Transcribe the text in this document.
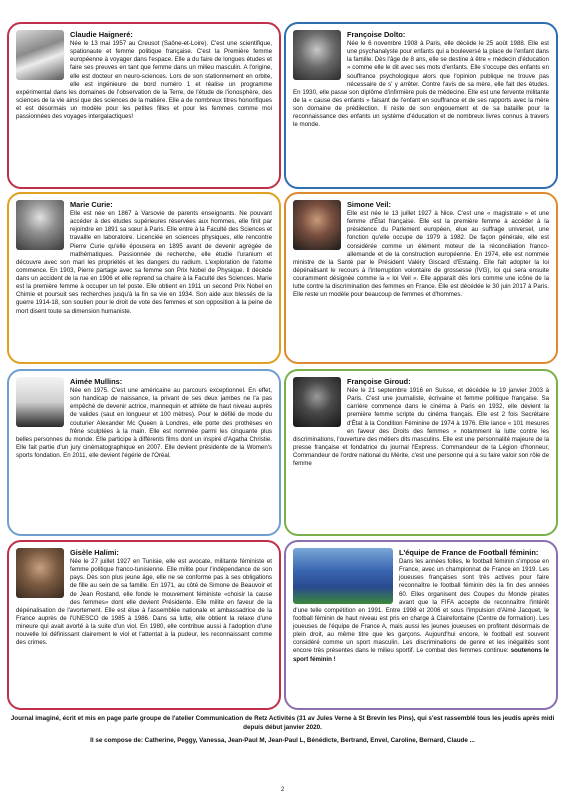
Claudie Haigneré:

Née le 13 mai 1957 au Creusot (Saône-et-Loire). C'est une scientifique, spationaute et femme politique française. C'est la Première femme européenne à voyager dans l'espace. Elle a du faire de longues études et faire ses preuves en tant que femme dans un milieu masculin. A l'origine, elle est docteur en neuro-sciences. Lors de son stationnement en orbite, elle est ingénieure de bord numéro 1 et réalise un programme expérimental dans les domaines de l'observation de la Terre, de l'étude de l'ionosphère, des sciences de la vie ainsi que des sciences de la matière. Elle a de nombreux titres honorifiques et est désormais un modèle pour les petites filles et pour les femmes comme moi passionnées des voyages intergalactiques!

Françoise Dolto:

Née le 6 novembre 1908 à Paris, elle décède le 25 août 1988. Elle est une psychanalyste pour enfants qui a bouleversé la place de l'enfant dans la famille. Dès l'âge de 8 ans, elle se destine à être « médecin d'éducation » comme elle le dit avec ses mots d'enfants. Elle s'occupe des enfants en souffrance psychologique alors que l'opinion publique ne trouve pas nécessaire de s' y arrêter. Contre l'avis de sa mère, elle fait des études. En 1930, elle passe son diplôme d'infirmière puis de médecine. Elle est une fervente militante de la « cause des enfants » faisant de l'enfant en souffrance et de ses rapports avec la mère son domaine de prédilection. Il reste de son engouement et de sa bataille pour la reconnaissance des enfants un système d'éducation et de nombreux livres connus à travers le monde.

Marie Curie:

Elle est née en 1867 à Varsovie de parents enseignants. Ne pouvant accéder à des études supérieures réservées aux hommes, elle finit par rejoindre en 1891 sa sœur à Paris. Elle entre à la Faculté des Sciences et travaille en laboratoire. Licenciée en sciences physiques, elle rencontre Pierre Curie qu'elle épousera en 1895 avant de devenir agrégée de mathématiques. Passionnée de recherche, elle étudie l'uranium et découvre avec son mari les propriétés et les dangers du radium. L'exploration de l'atome commence. En 1903, Pierre partage avec sa femme son Prix Nobel de Physique. Il décède dans un accident de la rue en 1906 et elle reprend sa chaire à la Faculté des Sciences. Marie est la première femme à occuper un tel poste. Elle obtient en 1911 un second Prix Nobel en Chimie et poursuit ses recherches jusqu'à la fin sa vie en 1934. Son aide aux blessés de la guerre 1914-18, son soutien pour le droit de vote des femmes et son opposition à la peine de mort disent toute sa dimension humaniste.

Simone Veil:

Elle est née le 13 juillet 1927 à Nice. C'est une « magistrate » et une femme d'État française. Elle est la première femme à accéder à la présidence du Parlement européen, élue au suffrage universel, une fonction qu'elle occupe de 1979 à 1982. De façon générale, elle est considérée comme un élément moteur de la réconciliation franco-allemande et de la construction européenne. En 1974, elle est nommée ministre de la Santé par le Président Valéry Giscard d'Estaing. Elle fait adopter la loi dépénalisant le recours à l'interruption volontaire de grossesse (IVG), loi qui sera ensuite couramment désignée comme la « loi Veil ». Elle apparaît dès lors comme une icône de la lutte contre la discrimination des femmes en France. Elle est décédée le 30 juin 2017 à Paris. Elle reste un modèle pour beaucoup de femmes et d'hommes.

Aimée Mullins:

Née en 1975. C'est une américaine au parcours exceptionnel. En effet, son handicap de naissance, la privant de ses deux jambes ne l'a pas empêché de devenir actrice, mannequin et athlète de haut niveau auprès de valides (saut en longueur et 100 mètres). Pour le défilé de mode du couturier Alexander Mc Queen à Londres, elle porte des prothèses en frêne sculptées à la main. Elle est nommée parmi les cinquante plus belles personnes du monde. Elle participe à différents films dont un inspiré d'Agatha Christie. Elle fait partie d'un jury cinématographique en 2007. Elle devient présidente de la Women's sports fondation. En 2011, elle devient l'égérie de l'Oréal.

Françoise Giroud:

Née le 21 septembre 1916 en Suisse, et décédée le 19 janvier 2003 à Paris. C'est une journaliste, écrivaine et femme politique française. Sa carrière commence dans le cinéma à Paris en 1932, elle devient la première femme scripte du cinéma français. Elle est 2 fois Secrétaire d'État à la Condition Féminine de 1974 à 1976. Elle lance « 101 mesures en faveur des Droits des femmes » notamment la lutte contre les discriminations, l'ouverture des métiers dits masculins. Elle est une personnalité majeure de la presse française et fondatrice du journal l'Express. Commandeur de la Légion d'honneur, Commandeur de l'ordre national du Mérite, c'est une personne qui a su faire valoir son rôle de femme

Gisèle Halimi:

Née le 27 juillet 1927 en Tunisie, elle est avocate, militante féministe et femme politique franco-tunisienne. Elle milite pour l'indépendance de son pays. Dès son plus jeune âge, elle ne se conforme pas à ses obligations de fille au sein de sa famille. En 1971, au côté de Simone de Beauvoir et de Jean Rostand, elle fonde le mouvement féministe «choisir la cause des femmes» dont elle devient Présidente. Elle milite en faveur de la dépénalisation de l'avortement. Elle est élue à l'assemblée nationale et ambassadrice de la France auprès de l'UNESCO de 1985 à 1986. Dans sa lutte, elle obtient la relaxe d'une mineure qui avait avorté à la suite d'un viol. En 1980, elle contribue aussi à l'adoption d'une nouvelle loi définissant clairement le viol et l'attentat à la pudeur, les reconnaissant comme des crimes.

L'équipe de France de Football féminin:

Dans les années folles, le football féminin s'impose en France, avec un championnat de France en 1919. Les joueuses françaises sont très actives pour faire reconnaître le football féminin dès la fin des années 60. Elles organisent des Coupes du Monde pirates avant que la FIFA accepte de reconnaître l'intérêt d'une telle compétition en 1991. Entre 1998 et 2006 et sous l'impulsion d'Aimé Jacquet, le football féminin de haut niveau est pris en charge à Clairefontaine (Centre de formation). Les joueuses de l'équipe de France A, mais aussi les jeunes joueuses en profitent désormais de plein droit, au même titre que les garçons. Aujourd'hui encore, le football est souvent considéré comme un sport masculin. Les discriminations de genre et les inégalités sont encore très présentes dans le milieu sportif. Le combat des femmes continue: soutenons le sport féminin !

Journal imaginé, écrit et mis en page parle groupe de l'atelier Communication de Retz Activités (31 av Jules Verne à St Brevin les Pins), qui s'est rassemblé tous les jeudis après midi depuis début janvier 2020.
Il se compose de: Catherine, Peggy, Vanessa, Jean-Paul M, Jean-Paul L, Bénédicte, Bertrand, Envel, Caroline, Bernard, Claude ...
2
